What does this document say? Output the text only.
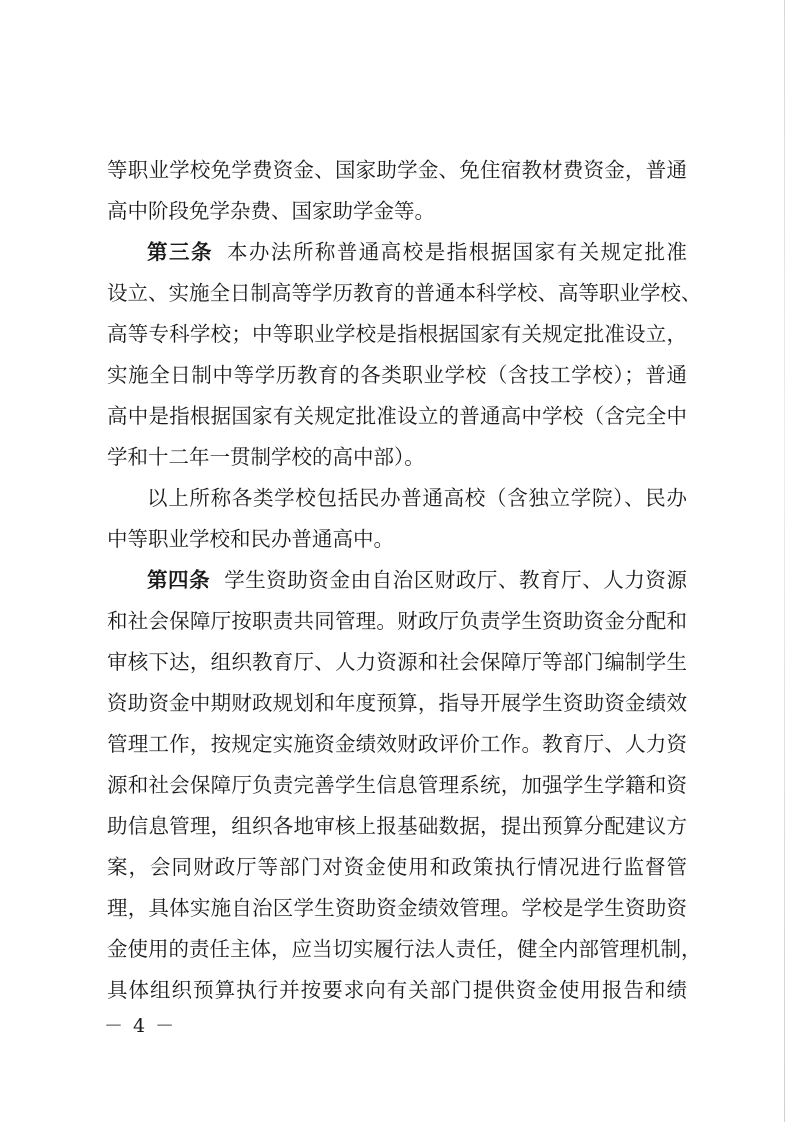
等职业学校免学费资金、国家助学金、免住宿教材费资金，普通
高中阶段免学杂费、国家助学金等。
第三条 本办法所称普通高校是指根据国家有关规定批准
设立、实施全日制高等学历教育的普通本科学校、高等职业学校、
高等专科学校；中等职业学校是指根据国家有关规定批准设立，
实施全日制中等学历教育的各类职业学校（含技工学校）；普通
高中是指根据国家有关规定批准设立的普通高中学校（含完全中
学和十二年一贯制学校的高中部）。
以上所称各类学校包括民办普通高校（含独立学院）、民办
中等职业学校和民办普通高中。
第四条 学生资助资金由自治区财政厅、教育厅、人力资源
和社会保障厅按职责共同管理。财政厅负责学生资助资金分配和
审核下达，组织教育厅、人力资源和社会保障厅等部门编制学生
资助资金中期财政规划和年度预算，指导开展学生资助资金绩效
管理工作，按规定实施资金绩效财政评价工作。教育厅、人力资
源和社会保障厅负责完善学生信息管理系统，加强学生学籍和资
助信息管理，组织各地审核上报基础数据，提出预算分配建议方
案，会同财政厅等部门对资金使用和政策执行情况进行监督管
理，具体实施自治区学生资助资金绩效管理。学校是学生资助资
金使用的责任主体，应当切实履行法人责任，健全内部管理机制，
具体组织预算执行并按要求向有关部门提供资金使用报告和绩
－ 4 －
